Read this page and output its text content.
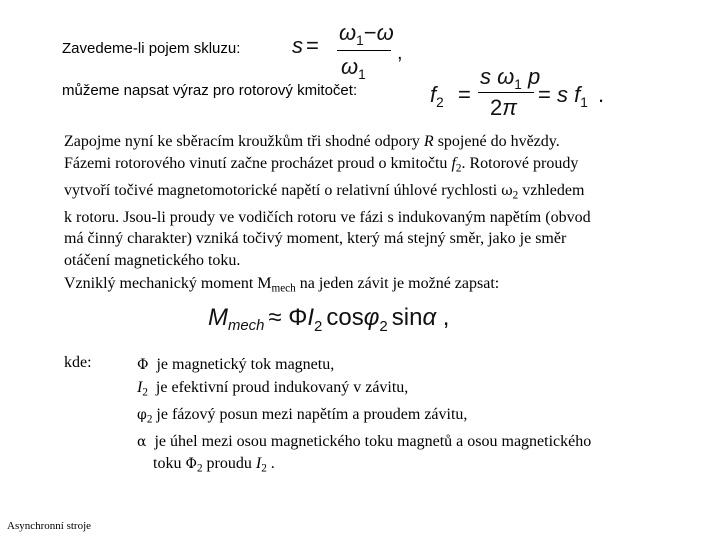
Zavedeme-li pojem skluzu: s =
$\omega_1-\omega$
$\omega_1$
,
můžeme napsat výraz pro rotorový kmitočet:	$f_2$ =
s $\omega_1$ p
2π
= s $f_1$ .
Zapojme nyní ke sběracím kroužkům tři shodné odpory R spojené do hvězdy.
Fázemi rotorového vinutí začne procházet proud o kmitočtu $f_2$. Rotorové proudy
vytvoří točivé magnetomotorické napětí o relativní úhlové rychlosti $\omega_2$ vzhledem
k rotoru. Jsou-li proudy ve vodičích rotoru ve fázi s indukovaným napětím (obvod
má činný charakter) vzniká točivý moment, který má stejný směr, jako je směr
otáčení magnetického toku.
Vzniklý mechanický moment $M_{mech}$ na jeden závit je možné zapsat:
$M_{mech} \approx \Phi I2$ cosφ2 sinα ,
kde:	Φ  je magnetický tok magnetu,
$I_2$  je efektivní proud indukovaný v závitu,
$\varphi_2$ je fázový posun mezi napětím a proudem závitu,
α  je úhel mezi osou magnetického toku magnetů a osou magnetického
toku $\Phi_2$ proudu $I_2$ .
Asynchronní stroje
